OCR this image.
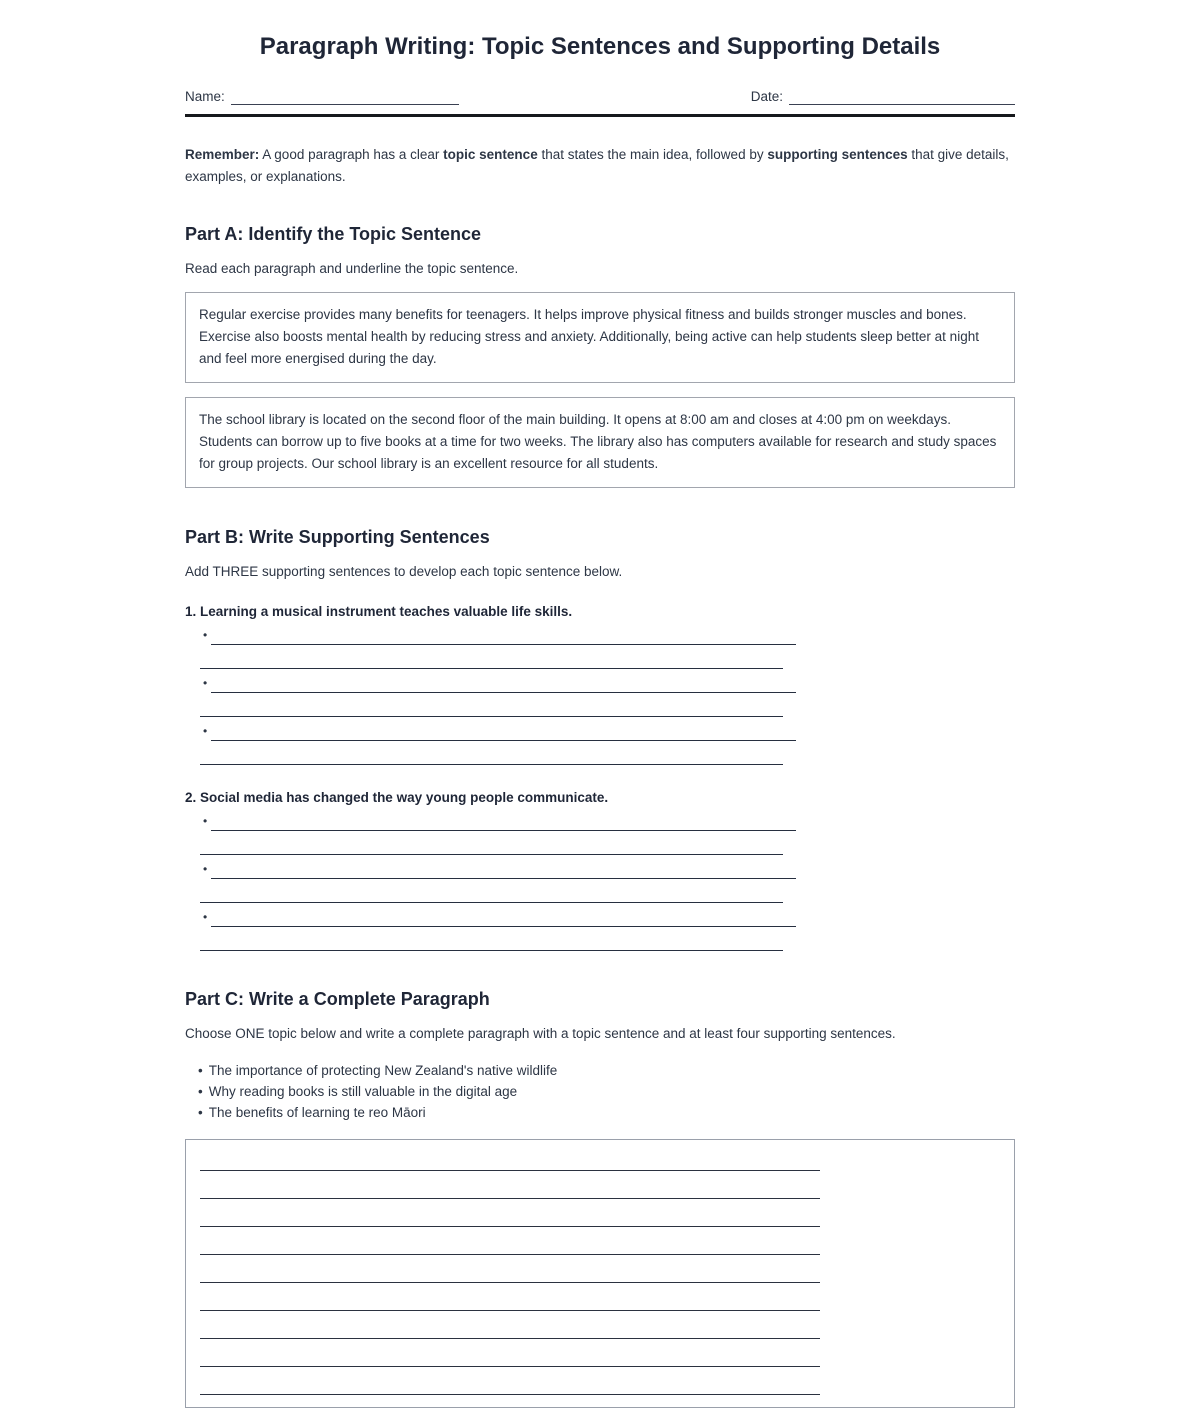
Paragraph Writing: Topic Sentences and Supporting Details
Name:	Date:

Remember: A good paragraph has a clear topic sentence that states the main idea, followed by supporting sentences that give details, examples, or explanations.

Part A: Identify the Topic Sentence

Read each paragraph and underline the topic sentence.

Regular exercise provides many benefits for teenagers. It helps improve physical fitness and builds stronger muscles and bones. Exercise also boosts mental health by reducing stress and anxiety. Additionally, being active can help students sleep better at night and feel more energised during the day.
The school library is located on the second floor of the main building. It opens at 8:00 am and closes at 4:00 pm on weekdays. Students can borrow up to five books at a time for two weeks. The library also has computers available for research and study spaces for group projects. Our school library is an excellent resource for all students.
Part B: Write Supporting Sentences

Add THREE supporting sentences to develop each topic sentence below.

1. Learning a musical instrument teaches valuable life skills.
•
•
•
2. Social media has changed the way young people communicate.
•
•
•
Part C: Write a Complete Paragraph

Choose ONE topic below and write a complete paragraph with a topic sentence and at least four supporting sentences.

• The importance of protecting New Zealand's native wildlife
• Why reading books is still valuable in the digital age
• The benefits of learning te reo Māori
